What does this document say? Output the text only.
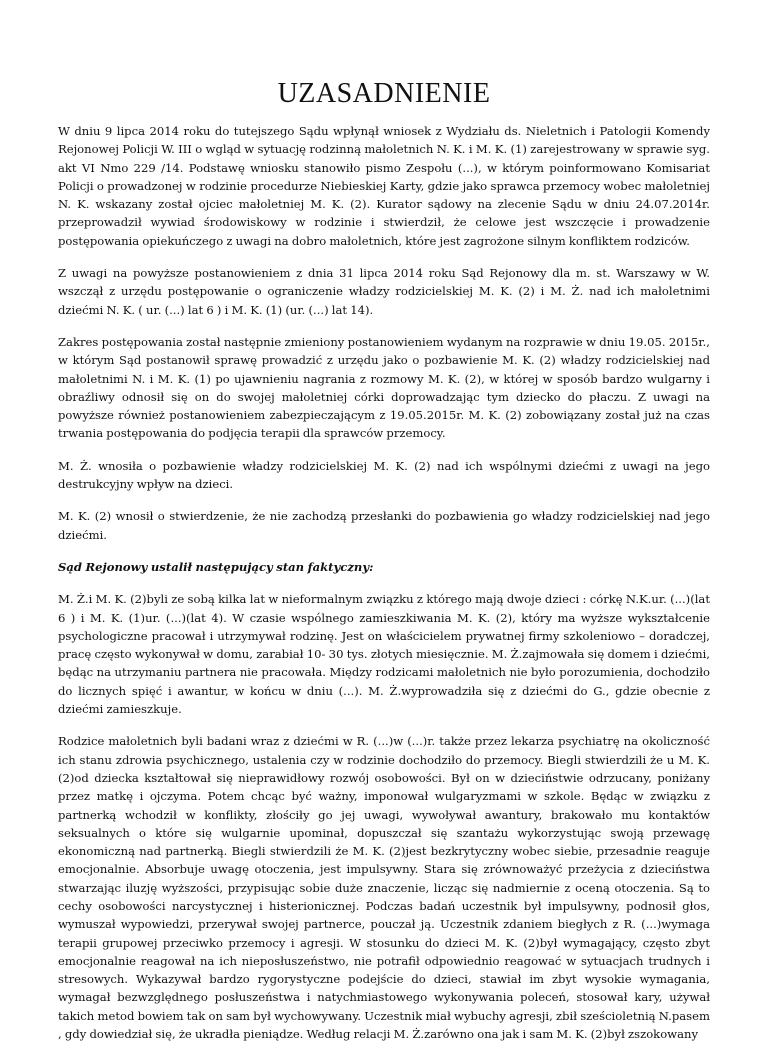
UZASADNIENIE

W dniu 9 lipca 2014 roku do tutejszego Sądu wpłynął wniosek z Wydziału ds. Nieletnich i Patologii Komendy Rejonowej Policji W. III o wgląd w sytuację rodzinną małoletnich N. K. i M. K. (1) zarejestrowany w sprawie syg. akt VI Nmo 229 /14. Podstawę wniosku stanowiło pismo Zespołu (...), w którym poinformowano Komisariat Policji o prowadzonej w rodzinie procedurze Niebieskiej Karty, gdzie jako sprawca przemocy wobec małoletniej N. K. wskazany został ojciec małoletniej M. K. (2). Kurator sądowy na zlecenie Sądu w dniu 24.07.2014r. przeprowadził wywiad środowiskowy w rodzinie i stwierdził, że celowe jest wszczęcie i prowadzenie postępowania opiekuńczego z uwagi na dobro małoletnich, które jest zagrożone silnym konfliktem rodziców.

Z uwagi na powyższe postanowieniem z dnia 31 lipca 2014 roku Sąd Rejonowy dla m. st. Warszawy w W. wszczął z urzędu postępowanie o ograniczenie władzy rodzicielskiej M. K. (2) i M. Ż. nad ich małoletnimi dziećmi N. K. ( ur. (...) lat 6 ) i M. K. (1) (ur. (...) lat 14).

Zakres postępowania został następnie zmieniony postanowieniem wydanym na rozprawie w dniu 19.05. 2015r., w którym Sąd postanowił sprawę prowadzić z urzędu jako o pozbawienie M. K. (2) władzy rodzicielskiej nad małoletnimi N. i M. K. (1) po ujawnieniu nagrania z rozmowy M. K. (2), w której w sposób bardzo wulgarny i obraźliwy odnosił się on do swojej małoletniej córki doprowadzając tym dziecko do płaczu. Z uwagi na powyższe również postanowieniem zabezpieczającym z 19.05.2015r. M. K. (2) zobowiązany został już na czas trwania postępowania do podjęcia terapii dla sprawców przemocy.

M. Ż. wnosiła o pozbawienie władzy rodzicielskiej M. K. (2) nad ich wspólnymi dziećmi z uwagi na jego destrukcyjny wpływ na dzieci.

M. K. (2) wnosił o stwierdzenie, że nie zachodzą przesłanki do pozbawienia go władzy rodzicielskiej nad jego dziećmi.

Sąd Rejonowy ustalił następujący stan faktyczny:

M. Ż.i M. K. (2)byli ze sobą kilka lat w nieformalnym związku z którego mają dwoje dzieci : córkę N.K.ur. (...)(lat 6 ) i M. K. (1)ur. (...)(lat 4). W czasie wspólnego zamieszkiwania M. K. (2), który ma wyższe wykształcenie psychologiczne pracował i utrzymywał rodzinę. Jest on właścicielem prywatnej firmy szkoleniowo – doradczej, pracę często wykonywał w domu, zarabiał 10- 30 tys. złotych miesięcznie. M. Ż.zajmowała się domem i dziećmi, będąc na utrzymaniu partnera nie pracowała. Między rodzicami małoletnich nie było porozumienia, dochodziło do licznych spięć i awantur, w końcu w dniu (...). M. Ż.wyprowadziła się z dziećmi do G., gdzie obecnie z dziećmi zamieszkuje.

Rodzice małoletnich byli badani wraz z dziećmi w R. (...)w (...)r. także przez lekarza psychiatrę na okoliczność ich stanu zdrowia psychicznego, ustalenia czy w rodzinie dochodziło do przemocy. Biegli stwierdzili że u M. K. (2)od dziecka kształtował się nieprawidłowy rozwój osobowości. Był on w dzieciństwie odrzucany, poniżany przez matkę i ojczyma. Potem chcąc być ważny, imponował wulgaryzmami w szkole. Będąc w związku z partnerką wchodził w konflikty, złościły go jej uwagi, wywoływał awantury, brakowało mu kontaktów seksualnych o które się wulgarnie upominał, dopuszczał się szantażu wykorzystując swoją przewagę ekonomiczną nad partnerką. Biegli stwierdzili że M. K. (2)jest bezkrytyczny wobec siebie, przesadnie reaguje emocjonalnie. Absorbuje uwagę otoczenia, jest impulsywny. Stara się zrównoważyć przeżycia z dzieciństwa stwarzając iluzję wyższości, przypisując sobie duże znaczenie, licząc się nadmiernie z oceną otoczenia. Są to cechy osobowości narcystycznej i histerionicznej. Podczas badań uczestnik był impulsywny, podnosił głos, wymuszał wypowiedzi, przerywał swojej partnerce, pouczał ją. Uczestnik zdaniem biegłych z R. (...)wymaga terapii grupowej przeciwko przemocy i agresji. W stosunku do dzieci M. K. (2)był wymagający, często zbyt emocjonalnie reagował na ich nieposłuszeństwo, nie potrafił odpowiednio reagować w sytuacjach trudnych i stresowych. Wykazywał bardzo rygorystyczne podejście do dzieci, stawiał im zbyt wysokie wymagania, wymagał bezwzględnego posłuszeństwa i natychmiastowego wykonywania poleceń, stosował kary, używał takich metod bowiem tak on sam był wychowywany. Uczestnik miał wybuchy agresji, zbił sześcioletnią N.pasem , gdy dowiedział się, że ukradła pieniądze. Według relacji M. Ż.zarówno ona jak i sam M. K. (2)był zszokowany
